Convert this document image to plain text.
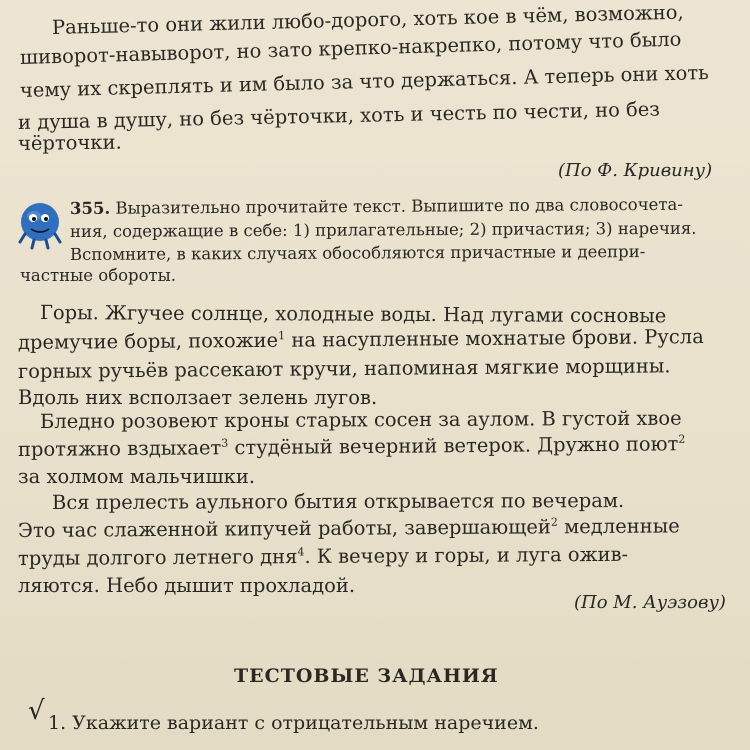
Раньше-то они жили любо-дорого, хоть кое в чём, возможно,
шиворот-навыворот, но зато крепко-накрепко, потому что было
чему их скреплять и им было за что держаться. А теперь они хоть
и душа в душу, но без чёрточки, хоть и честь по чести, но без
чёрточки.
(По Ф. Кривину)
355. Выразительно прочитайте текст. Выпишите по два словосочета-
ния, содержащие в себе: 1) прилагательные; 2) причастия; 3) наречия.
Вспомните, в каких случаях обособляются причастные и деепри-
частные обороты.
Горы. Жгучее солнце, холодные воды. Над лугами сосновые
дремучие боры, похожие$^1$ на насупленные мохнатые брови. Русла
горных ручьёв рассекают кручи, напоминая мягкие морщины.
Вдоль них всползает зелень лугов.
Бледно розовеют кроны старых сосен за аулом. В густой хвое
протяжно вздыхает$^3$ студёный вечерний ветерок. Дружно поют$^2$
за холмом мальчишки.
Вся прелесть аульного бытия открывается по вечерам.
Это час слаженной кипучей работы, завершающей$^2$ медленные
труды долгого летнего дня$^4$. К вечеру и горы, и луга ожив-
ляются. Небо дышит прохладой.
(По М. Ауэзову)
ТЕСТОВЫЕ ЗАДАНИЯ
√ 1. Укажите вариант с отрицательным наречием.
